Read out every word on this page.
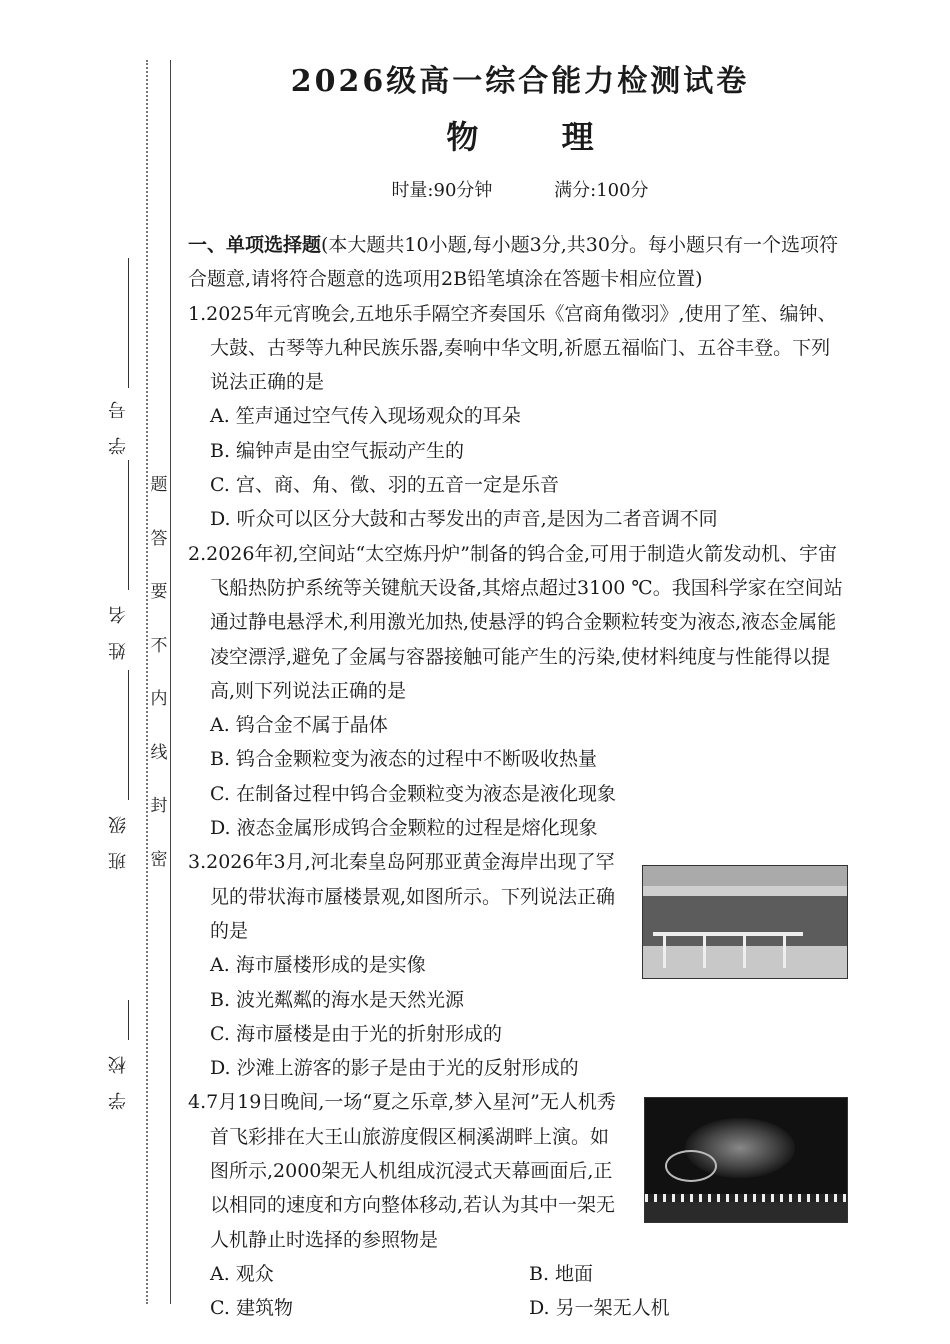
学 校
班 级
姓 名
学 号
题
答
要
不
内
线
封
密
2026级高一综合能力检测试卷
物 理
时量:90分钟	满分:100分
一、单项选择题(本大题共10小题,每小题3分,共30分。每小题只有一个选项符合题意,请将符合题意的选项用2B铅笔填涂在答题卡相应位置)
1.2025年元宵晚会,五地乐手隔空齐奏国乐《宫商角徵羽》,使用了笙、编钟、大鼓、古琴等九种民族乐器,奏响中华文明,祈愿五福临门、五谷丰登。下列说法正确的是
A. 笙声通过空气传入现场观众的耳朵
B. 编钟声是由空气振动产生的
C. 宫、商、角、徵、羽的五音一定是乐音
D. 听众可以区分大鼓和古琴发出的声音,是因为二者音调不同
2.2026年初,空间站“太空炼丹炉”制备的钨合金,可用于制造火箭发动机、宇宙飞船热防护系统等关键航天设备,其熔点超过3100 ℃。我国科学家在空间站通过静电悬浮术,利用激光加热,使悬浮的钨合金颗粒转变为液态,液态金属能凌空漂浮,避免了金属与容器接触可能产生的污染,使材料纯度与性能得以提高,则下列说法正确的是
A. 钨合金不属于晶体
B. 钨合金颗粒变为液态的过程中不断吸收热量
C. 在制备过程中钨合金颗粒变为液态是液化现象
D. 液态金属形成钨合金颗粒的过程是熔化现象
3.2026年3月,河北秦皇岛阿那亚黄金海岸出现了罕见的带状海市蜃楼景观,如图所示。下列说法正确的是
A. 海市蜃楼形成的是实像
B. 波光粼粼的海水是天然光源
C. 海市蜃楼是由于光的折射形成的
D. 沙滩上游客的影子是由于光的反射形成的
4.7月19日晚间,一场“夏之乐章,梦入星河”无人机秀首飞彩排在大王山旅游度假区桐溪湖畔上演。如图所示,2000架无人机组成沉浸式天幕画面后,正以相同的速度和方向整体移动,若认为其中一架无人机静止时选择的参照物是
A. 观众	B. 地面
C. 建筑物	D. 另一架无人机
